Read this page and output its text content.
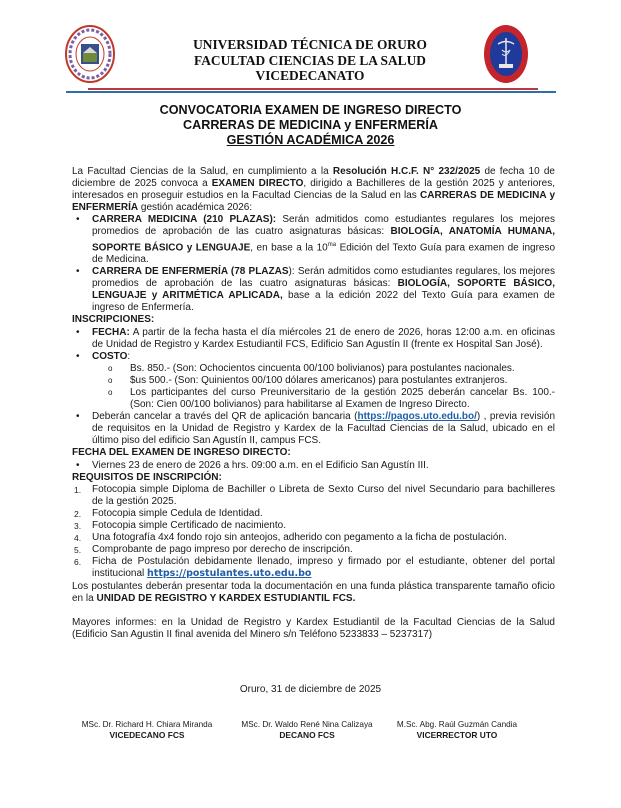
UNIVERSIDAD TÉCNICA DE ORURO
FACULTAD CIENCIAS DE LA SALUD
VICEDECANATO
CONVOCATORIA EXAMEN DE INGRESO DIRECTO
CARRERAS DE MEDICINA y ENFERMERÍA
GESTIÓN ACADÉMICA 2026

La Facultad Ciencias de la Salud, en cumplimiento a la Resolución H.C.F. N° 232/2025 de fecha 10 de diciembre de 2025 convoca a EXAMEN DIRECTO, dirigido a Bachilleres de la gestión 2025 y anteriores, interesados en proseguir estudios en la Facultad Ciencias de la Salud en las CARRERAS DE MEDICINA y ENFERMERÍA gestión académica 2026:

• CARRERA MEDICINA (210 PLAZAS): Serán admitidos como estudiantes regulares los mejores promedios de aprobación de las cuatro asignaturas básicas: BIOLOGÍA, ANATOMÍA HUMANA, SOPORTE BÁSICO y LENGUAJE, en base a la $10^{ma}$ Edición del Texto Guía para examen de ingreso de Medicina.
• CARRERA DE ENFERMERÍA (78 PLAZAS): Serán admitidos como estudiantes regulares, los mejores promedios de aprobación de las cuatro asignaturas básicas: BIOLOGÍA, SOPORTE BÁSICO, LENGUAJE y ARITMÉTICA APLICADA, base a la edición 2022 del Texto Guía para examen de ingreso de Enfermería.

INSCRIPCIONES:

• FECHA: A partir de la fecha hasta el día miércoles 21 de enero de 2026, horas 12:00 a.m. en oficinas de Unidad de Registro y Kardex Estudiantil FCS, Edificio San Agustín II (frente ex Hospital San José).
• COSTO:
o Bs. 850.- (Son: Ochocientos cincuenta 00/100 bolivianos) para postulantes nacionales.
o $us 500.- (Son: Quinientos 00/100 dólares americanos) para postulantes extranjeros.
o Los participantes del curso Preuniversitario de la gestión 2025 deberán cancelar Bs. 100.- (Son: Cien 00/100 bolivianos) para habilitarse al Examen de Ingreso Directo.
• Deberán cancelar a través del QR de aplicación bancaria (https://pagos.uto.edu.bo/) , previa revisión de requisitos en la Unidad de Registro y Kardex de la Facultad Ciencias de la Salud, ubicado en el último piso del edificio San Agustín II, campus FCS.

FECHA DEL EXAMEN DE INGRESO DIRECTO:

• Viernes 23 de enero de 2026 a hrs. 09:00 a.m. en el Edificio San Agustín III.

REQUISITOS DE INSCRIPCIÓN:

1. Fotocopia simple Diploma de Bachiller o Libreta de Sexto Curso del nivel Secundario para bachilleres de la gestión 2025.
2. Fotocopia simple Cedula de Identidad.
3. Fotocopia simple Certificado de nacimiento.
4. Una fotografía 4x4 fondo rojo sin anteojos, adherido con pegamento a la ficha de postulación.
5. Comprobante de pago impreso por derecho de inscripción.
6. Ficha de Postulación debidamente llenado, impreso y firmado por el estudiante, obtener del portal institucional https://postulantes.uto.edu.bo

Los postulantes deberán presentar toda la documentación en una funda plástica transparente tamaño oficio en la UNIDAD DE REGISTRO Y KARDEX ESTUDIANTIL FCS.

Mayores informes: en la Unidad de Registro y Kardex Estudiantil de la Facultad Ciencias de la Salud (Edificio San Agustin II final avenida del Minero s/n Teléfono 5233833 – 5237317)

Oruro, 31 de diciembre de 2025
MSc. Dr. Richard H. Chiara Miranda
VICEDECANO FCS
MSc. Dr. Waldo René Nina Calizaya
DECANO FCS
M.Sc. Abg. Raúl Guzmán Candia
VICERRECTOR UTO
